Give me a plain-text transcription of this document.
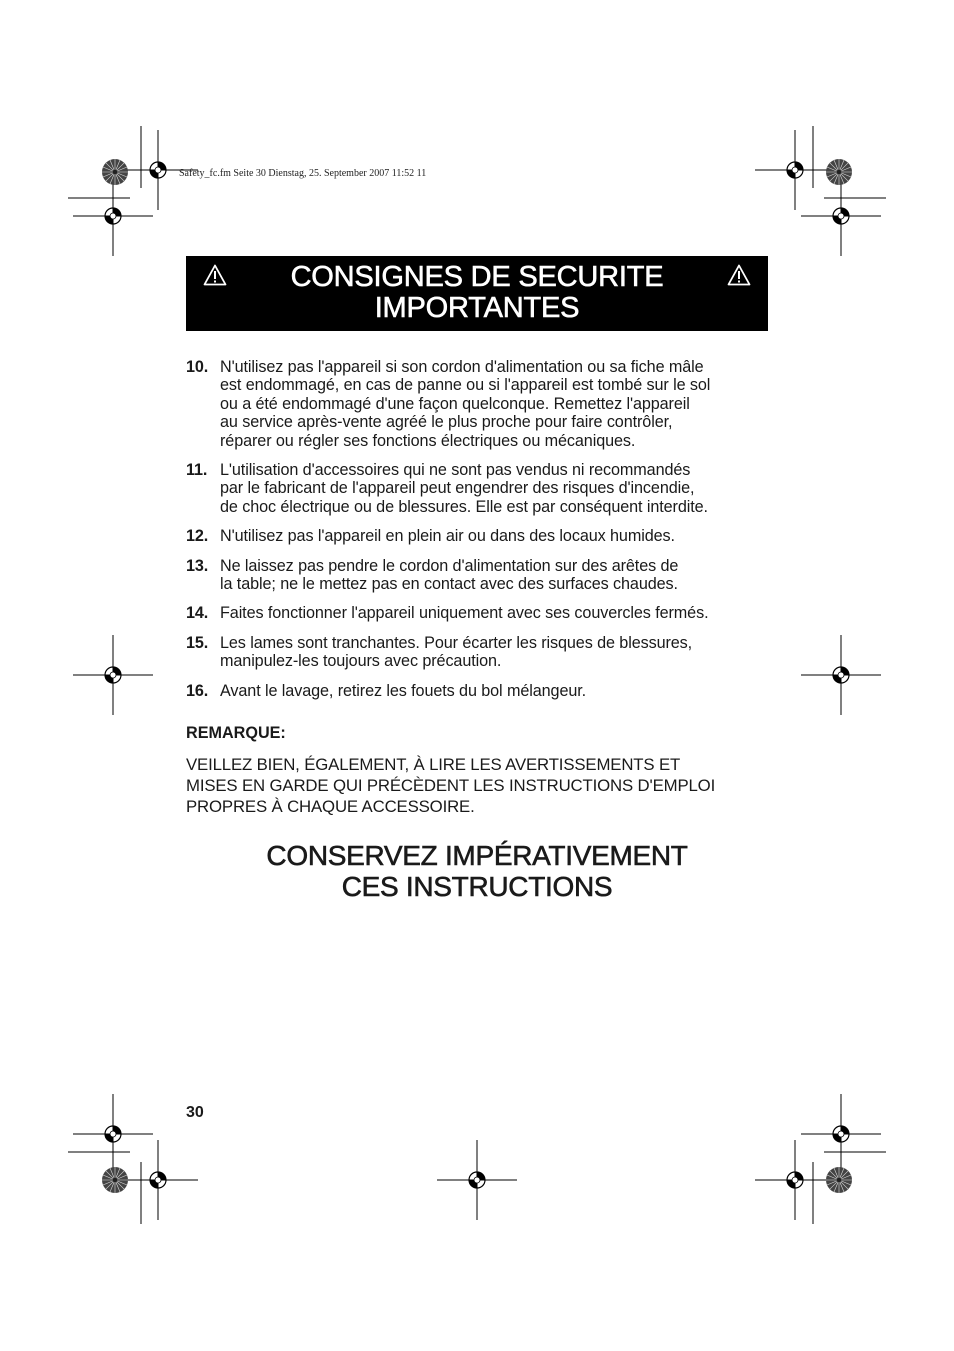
Safety_fc.fm Seite 30 Dienstag, 25. September 2007 11:52 11
CONSIGNES DE SECURITE
IMPORTANTES
10. N'utilisez pas l'appareil si son cordon d'alimentation ou sa fiche mâle
est endommagé, en cas de panne ou si l'appareil est tombé sur le sol
ou a été endommagé d'une façon quelconque. Remettez l'appareil
au service après-vente agréé le plus proche pour faire contrôler,
réparer ou régler ses fonctions électriques ou mécaniques.
11. L'utilisation d'accessoires qui ne sont pas vendus ni recommandés
par le fabricant de l'appareil peut engendrer des risques d'incendie,
de choc électrique ou de blessures. Elle est par conséquent interdite.
12. N'utilisez pas l'appareil en plein air ou dans des locaux humides.
13. Ne laissez pas pendre le cordon d'alimentation sur des arêtes de
la table; ne le mettez pas en contact avec des surfaces chaudes.
14. Faites fonctionner l'appareil uniquement avec ses couvercles fermés.
15. Les lames sont tranchantes. Pour écarter les risques de blessures,
manipulez-les toujours avec précaution.
16. Avant le lavage, retirez les fouets du bol mélangeur.
REMARQUE:
VEILLEZ BIEN, ÉGALEMENT, À LIRE LES AVERTISSEMENTS ET
MISES EN GARDE QUI PRÉCÈDENT LES INSTRUCTIONS D'EMPLOI
PROPRES À CHAQUE ACCESSOIRE.
CONSERVEZ IMPÉRATIVEMENT
CES INSTRUCTIONS
30
